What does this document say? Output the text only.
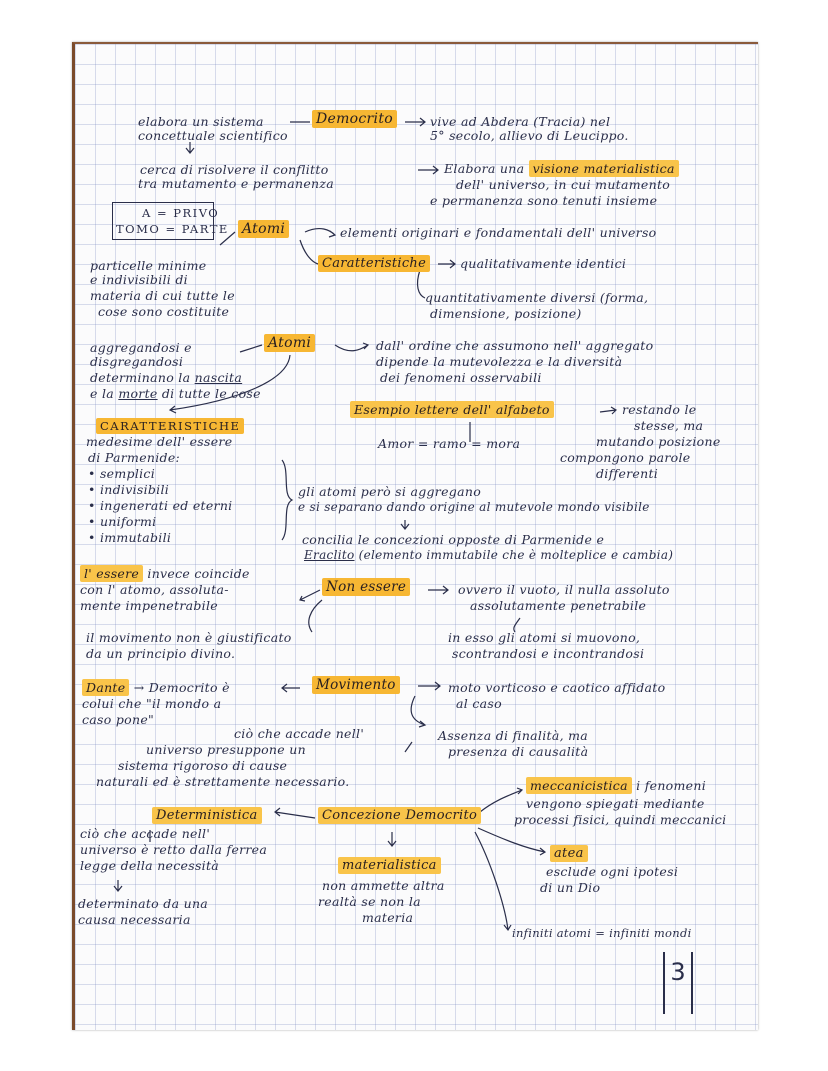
elabora un sistema
concettuale scientifico
Democrito	vive ad Abdera (Tracia) nel
5° secolo, allievo di Leucippo.
cerca di risolvere il conflitto
tra mutamento e permanenza
Elabora una visione materialistica
dell' universo, in cui mutamento
e permanenza sono tenuti insieme
A = PRIVO
TOMO = PARTE Atomi	elementi originari e fondamentali dell' universo
particelle minime
e indivisibili di
materia di cui tutte le
cose sono costituite
Caratteristiche	qualitativamente identici
quantitativamente diversi (forma,
dimensione, posizione)
aggregandosi e
disgregandosi
determinano la nascita
e la morte di tutte le cose
Atomi	dall' ordine che assumono nell' aggregato
dipende la mutevolezza e la diversità
dei fenomeni osservabili
Esempio lettere dell' alfabeto
Amor = ramo = mora
restando le
stesse, ma
mutando posizione
compongono parole
differenti
CARATTERISTICHE
medesime dell' essere
di Parmenide:
• semplici
• indivisibili
• ingenerati ed eterni
• uniformi
• immutabili
gli atomi però si aggregano
e si separano dando origine al mutevole mondo visibile
concilia le concezioni opposte di Parmenide e
Eraclito (elemento immutabile che è molteplice e cambia)
l' essere invece coincide
con l' atomo, assoluta-
mente impenetrabile
Non essere	ovvero il vuoto, il nulla assoluto
assolutamente penetrabile
il movimento non è giustificato
da un principio divino.
in esso gli atomi si muovono,
scontrandosi e incontrandosi
Dante → Democrito è
colui che "il mondo a
caso pone"
Movimento	moto vorticoso e caotico affidato
al caso
Assenza di finalità, ma
presenza di causalità
ciò che accade nell'
universo presuppone un
sistema rigoroso di cause
naturali ed è strettamente necessario.
Concezione Democrito
Deterministica
ciò che accade nell'
universo è retto dalla ferrea
legge della necessità
determinato da una
causa necessaria
materialistica
non ammette altra
realtà se non la
materia
meccanicistica i fenomeni
vengono spiegati mediante
processi fisici, quindi meccanici
atea
esclude ogni ipotesi
di un Dio
infiniti atomi = infiniti mondi
3
